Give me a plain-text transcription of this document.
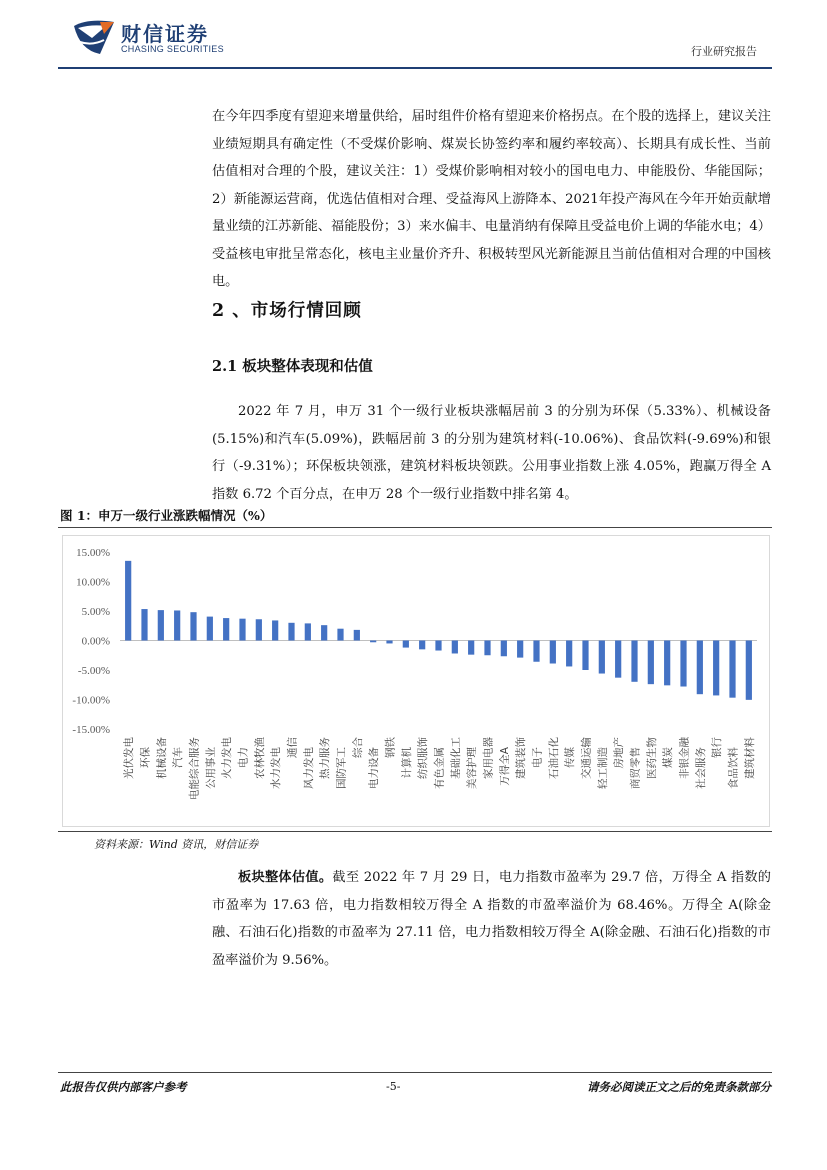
财信证券
CHASING SECURITIES	行业研究报告
在今年四季度有望迎来增量供给，届时组件价格有望迎来价格拐点。在个股的选择上，建议关注业绩短期具有确定性（不受煤价影响、煤炭长协签约率和履约率较高）、长期具有成长性、当前估值相对合理的个股，建议关注：1）受煤价影响相对较小的国电电力、申能股份、华能国际；2）新能源运营商，优选估值相对合理、受益海风上游降本、2021年投产海风在今年开始贡献增量业绩的江苏新能、福能股份；3）来水偏丰、电量消纳有保障且受益电价上调的华能水电；4）受益核电审批呈常态化，核电主业量价齐升、积极转型风光新能源且当前估值相对合理的中国核电。
2 、市场行情回顾
2.1 板块整体表现和估值
2022 年 7 月，申万 31 个一级行业板块涨幅居前 3 的分别为环保（5.33%）、机械设备(5.15%)和汽车(5.09%)，跌幅居前 3 的分别为建筑材料(-10.06%)、食品饮料(-9.69%)和银行（-9.31%）；环保板块领涨，建筑材料板块领跌。公用事业指数上涨 4.05%，跑赢万得全 A 指数 6.72 个百分点，在申万 28 个一级行业指数中排名第 4。
图 1：申万一级行业涨跌幅情况（%）
15.00%
10.00%
5.00%
0.00%
-5.00%
-10.00%
-15.00%
光伏发电 环保 机械设备 汽车 电能综合服务 公用事业 火力发电 电力 农林牧渔 水力发电 通信 风力发电 热力服务 国防军工 综合 电力设备 钢铁 计算机 纺织服饰 有色金属 基础化工 美容护理 家用电器 万得全A 建筑装饰 电子 石油石化 传媒 交通运输 轻工制造 房地产 商贸零售 医药生物 煤炭 非银金融 社会服务 银行 食品饮料 建筑材料
资料来源：Wind 资讯，财信证券
板块整体估值。截至 2022 年 7 月 29 日，电力指数市盈率为 29.7 倍，万得全 A 指数的市盈率为 17.63 倍，电力指数相较万得全 A 指数的市盈率溢价为 68.46%。万得全 A(除金融、石油石化)指数的市盈率为 27.11 倍，电力指数相较万得全 A(除金融、石油石化)指数的市盈率溢价为 9.56%。
此报告仅供内部客户参考	-5-	请务必阅读正文之后的免责条款部分
